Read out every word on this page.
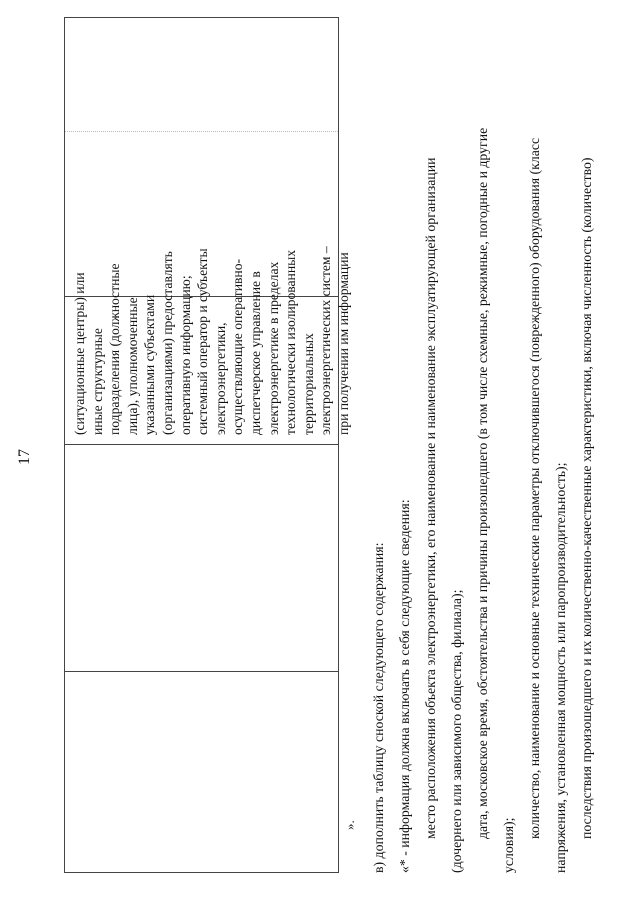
17
(ситуационные центры) или иные структурные подразделения (должностные лица), уполномоченные указанными субъектами (организациями) предоставлять оперативную информацию; системный оператор и субъекты электроэнергетики, осуществляющие оперативно- диспетчерское управление в электроэнергетике в пределах технологически изолированных территориальных электроэнергетических систем – при получении им информации
».	в) дополнить таблицу сноской следующего содержания: «* - информация должна включать в себя следующие сведения: место расположения объекта электроэнергетики, его наименование и наименование эксплуатирующей организации (дочернего или зависимого общества, филиала); дата, московское время, обстоятельства и причины произошедшего (в том числе схемные, режимные, погодные и другие
условия);
количество, наименование и основные технические параметры отключившегося (поврежденного) оборудования (класс напряжения, установленная мощность или паропроизводительность); последствия произошедшего и их количественно-качественные характеристики, включая численность (количество)
